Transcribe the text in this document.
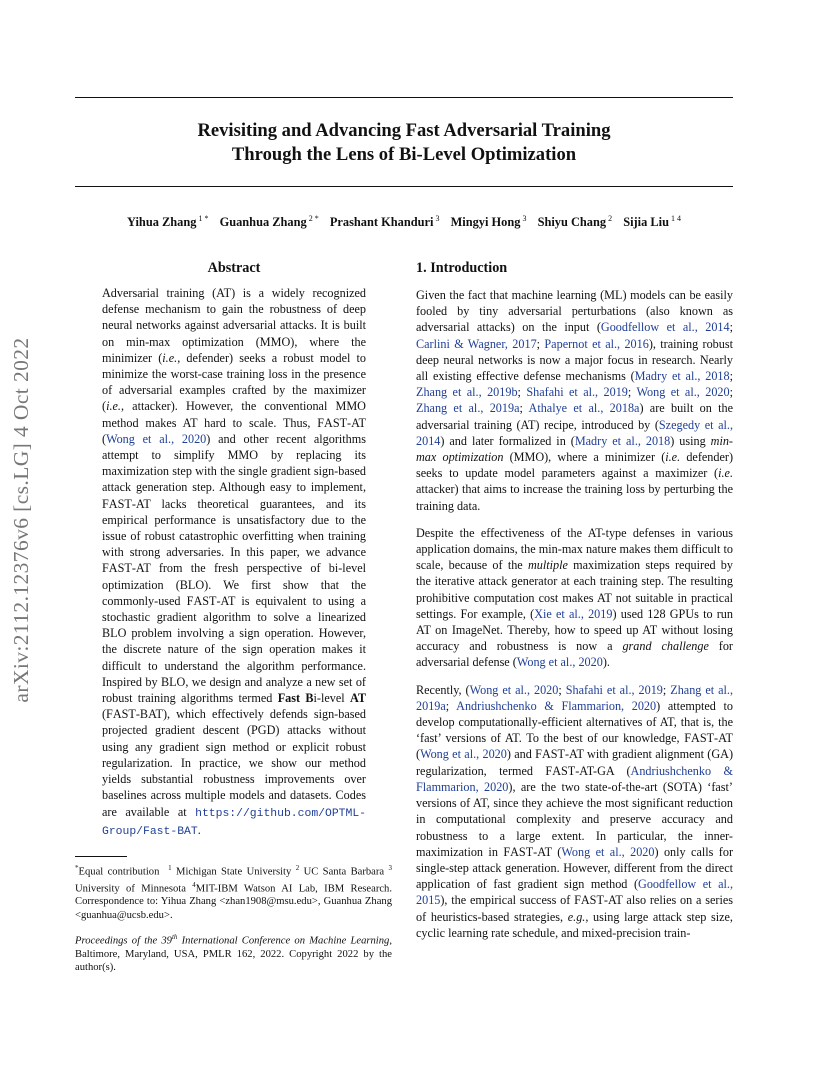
arXiv:2112.12376v6 [cs.LG] 4 Oct 2022
Revisiting and Advancing Fast Adversarial Training
Through the Lens of Bi-Level Optimization
Yihua Zhang $^{1 *}$ Guanhua Zhang $^{2 *}$ Prashant Khanduri $^3$ Mingyi Hong $^3$ Shiyu Chang $^2$ Sijia Liu $^{1 4}$
Abstract

Adversarial training (AT) is a widely recognized defense mechanism to gain the robustness of deep neural networks against adversarial attacks. It is built on min-max optimization (MMO), where the minimizer (i.e., defender) seeks a robust model to minimize the worst-case training loss in the presence of adversarial examples crafted by the maximizer (i.e., attacker). However, the conventional MMO method makes AT hard to scale. Thus, FAST-AT (Wong et al., 2020) and other recent algorithms attempt to simplify MMO by replacing its maximization step with the single gradient sign-based attack generation step. Although easy to implement, FAST-AT lacks theoretical guarantees, and its empirical performance is unsatisfactory due to the issue of robust catastrophic overfitting when training with strong adversaries. In this paper, we advance FAST-AT from the fresh perspective of bi-level optimization (BLO). We first show that the commonly-used FAST-AT is equivalent to using a stochastic gradient algorithm to solve a linearized BLO problem involving a sign operation. However, the discrete nature of the sign operation makes it difficult to understand the algorithm performance. Inspired by BLO, we design and analyze a new set of robust training algorithms termed Fast Bi-level AT (FAST-BAT), which effectively defends sign-based projected gradient descent (PGD) attacks without using any gradient sign method or explicit robust regularization. In practice, we show our method yields substantial robustness improvements over baselines across multiple models and datasets. Codes are available at https://github.com/OPTML-Group/Fast-BAT.

*Equal contribution $^1$ Michigan State University $^2$ UC Santa Barbara $^3$ University of Minnesota $^4$MIT-IBM Watson AI Lab, IBM Research. Correspondence to: Yihua Zhang <zhan1908@msu.edu>, Guanhua Zhang <guanhua@ucsb.edu>.
Proceedings of the 39th International Conference on Machine Learning, Baltimore, Maryland, USA, PMLR 162, 2022. Copyright 2022 by the author(s).
1. Introduction

Given the fact that machine learning (ML) models can be easily fooled by tiny adversarial perturbations (also known as adversarial attacks) on the input (Goodfellow et al., 2014; Carlini & Wagner, 2017; Papernot et al., 2016), training robust deep neural networks is now a major focus in research. Nearly all existing effective defense mechanisms (Madry et al., 2018; Zhang et al., 2019b; Shafahi et al., 2019; Wong et al., 2020; Zhang et al., 2019a; Athalye et al., 2018a) are built on the adversarial training (AT) recipe, introduced by (Szegedy et al., 2014) and later formalized in (Madry et al., 2018) using min-max optimization (MMO), where a minimizer (i.e. defender) seeks to update model parameters against a maximizer (i.e. attacker) that aims to increase the training loss by perturbing the training data.

Despite the effectiveness of the AT-type defenses in various application domains, the min-max nature makes them difficult to scale, because of the multiple maximization steps required by the iterative attack generator at each training step. The resulting prohibitive computation cost makes AT not suitable in practical settings. For example, (Xie et al., 2019) used 128 GPUs to run AT on ImageNet. Thereby, how to speed up AT without losing accuracy and robustness is now a grand challenge for adversarial defense (Wong et al., 2020).

Recently, (Wong et al., 2020; Shafahi et al., 2019; Zhang et al., 2019a; Andriushchenko & Flammarion, 2020) attempted to develop computationally-efficient alternatives of AT, that is, the ‘fast’ versions of AT. To the best of our knowledge, FAST-AT (Wong et al., 2020) and FAST-AT with gradient alignment (GA) regularization, termed FAST-AT-GA (Andriushchenko & Flammarion, 2020), are the two state-of-the-art (SOTA) ‘fast’ versions of AT, since they achieve the most significant reduction in computational complexity and preserve accuracy and robustness to a large extent. In particular, the inner-maximization in FAST-AT (Wong et al., 2020) only calls for single-step attack generation. However, different from the direct application of fast gradient sign method (Goodfellow et al., 2015), the empirical success of FAST-AT also relies on a series of heuristics-based strategies, e.g., using large attack step size, cyclic learning rate schedule, and mixed-precision train-
